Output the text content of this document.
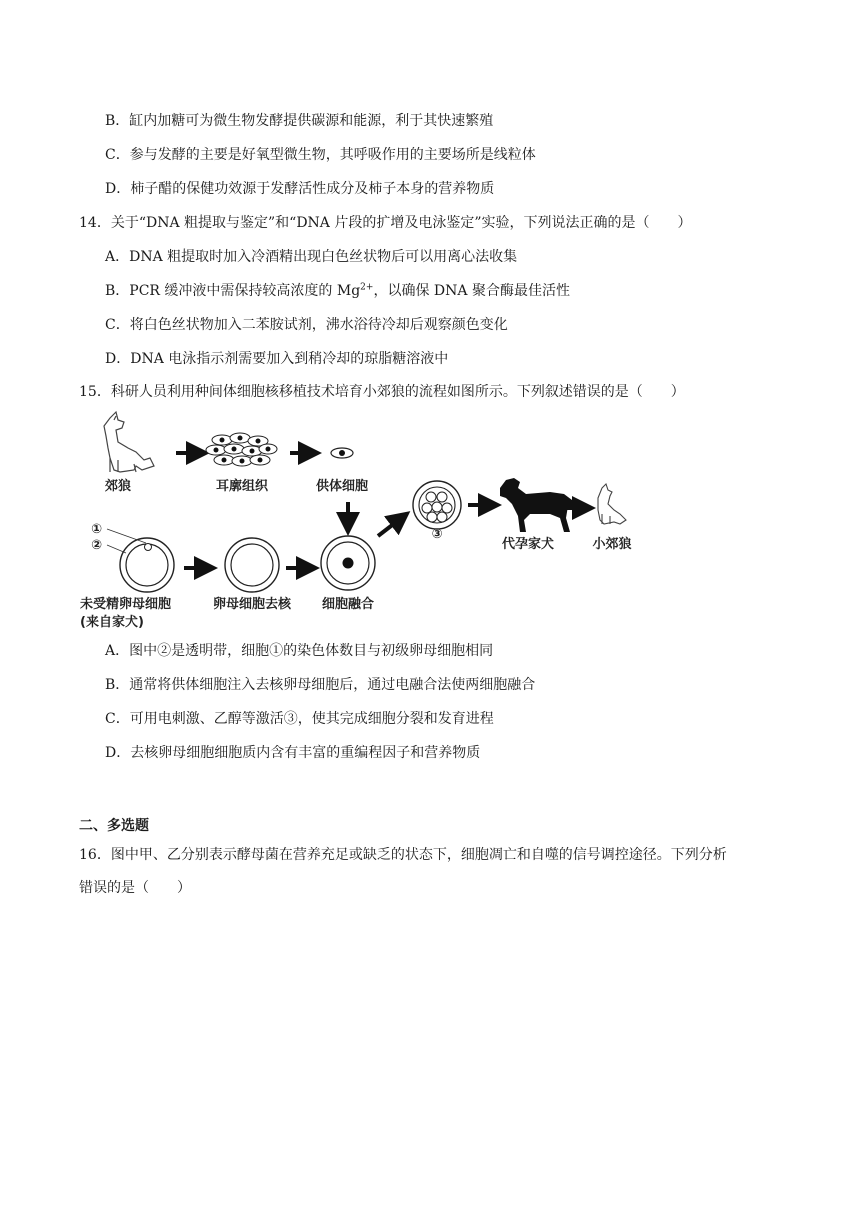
B．缸内加糖可为微生物发酵提供碳源和能源，利于其快速繁殖
C．参与发酵的主要是好氧型微生物，其呼吸作用的主要场所是线粒体
D．柿子醋的保健功效源于发酵活性成分及柿子本身的营养物质
14．关于“DNA 粗提取与鉴定”和“DNA 片段的扩增及电泳鉴定”实验，下列说法正确的是（　　）
A．DNA 粗提取时加入冷酒精出现白色丝状物后可以用离心法收集
B．PCR 缓冲液中需保持较高浓度的 $Mg^{2+}$，以确保 DNA 聚合酶最佳活性
C．将白色丝状物加入二苯胺试剂，沸水浴待冷却后观察颜色变化
D．DNA 电泳指示剂需要加入到稍冷却的琼脂糖溶液中
15．科研人员利用种间体细胞核移植技术培育小郊狼的流程如图所示。下列叙述错误的是（　　）
郊狼	耳廓组织	供体细胞
①
②
未受精卵母细胞
(来自家犬)
卵母细胞去核 细胞融合
③
代孕家犬	小郊狼
A．图中②是透明带，细胞①的染色体数目与初级卵母细胞相同
B．通常将供体细胞注入去核卵母细胞后，通过电融合法使两细胞融合
C．可用电刺激、乙醇等激活③，使其完成细胞分裂和发育进程
D．去核卵母细胞细胞质内含有丰富的重编程因子和营养物质
二、多选题
16．图中甲、乙分别表示酵母菌在营养充足或缺乏的状态下，细胞凋亡和自噬的信号调控途径。下列分析
错误的是（　　）
